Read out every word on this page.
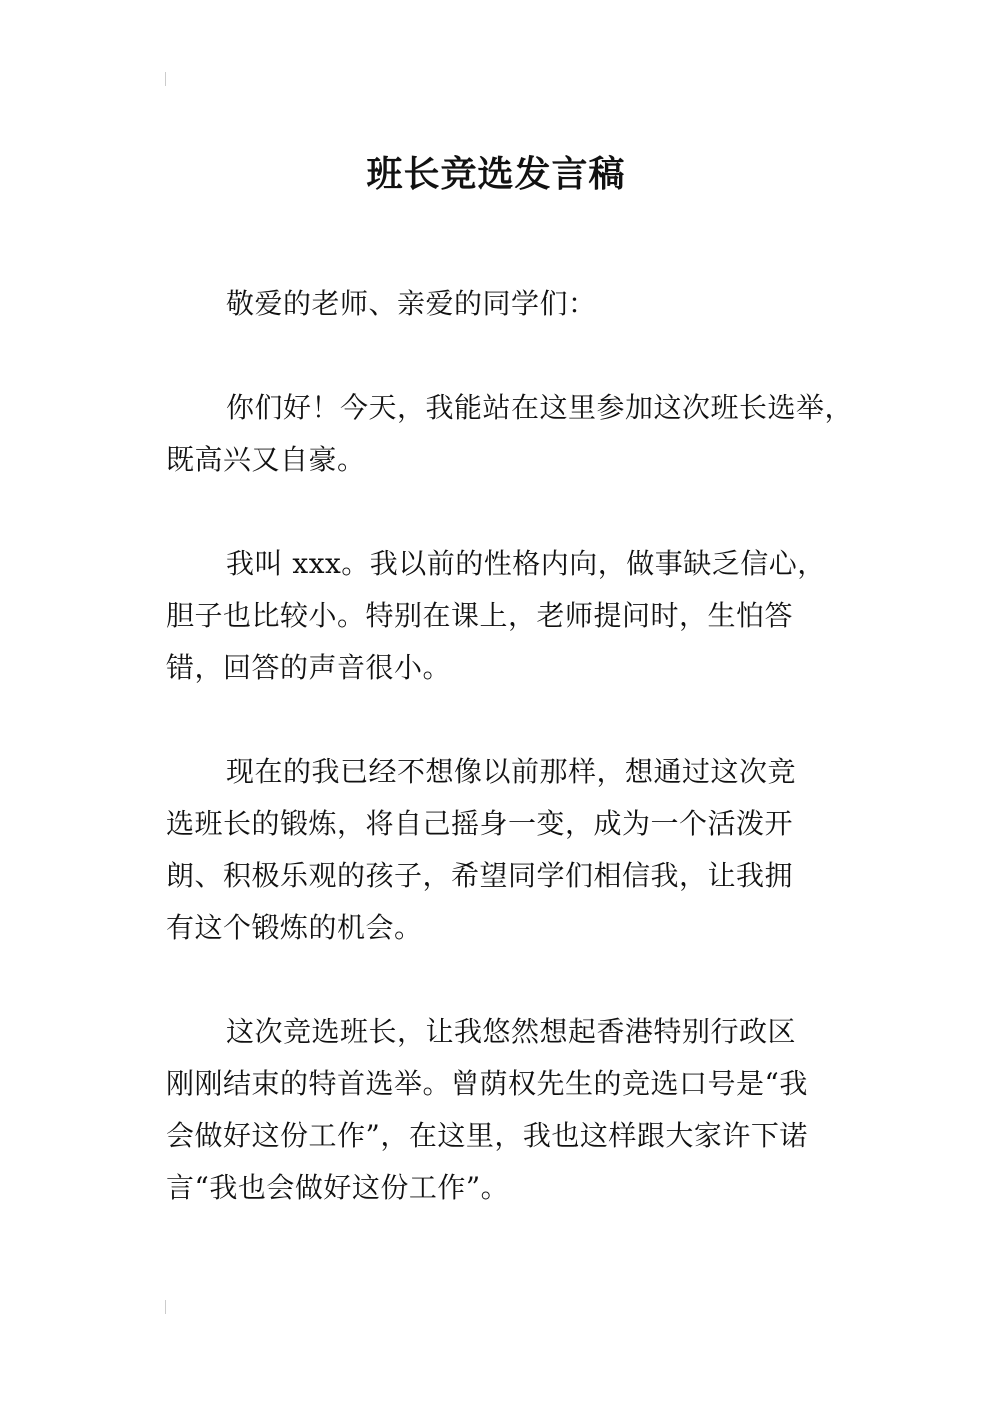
班长竞选发言稿
敬爱的老师、亲爱的同学们：
你们好！今天，我能站在这里参加这次班长选举，
既高兴又自豪。
我叫 xxx。我以前的性格内向，做事缺乏信心，
胆子也比较小。特别在课上，老师提问时，生怕答
错，回答的声音很小。
现在的我已经不想像以前那样，想通过这次竞
选班长的锻炼，将自己摇身一变，成为一个活泼开
朗、积极乐观的孩子，希望同学们相信我，让我拥
有这个锻炼的机会。
这次竞选班长，让我悠然想起香港特别行政区
刚刚结束的特首选举。曾荫权先生的竞选口号是“我
会做好这份工作”，在这里，我也这样跟大家许下诺
言“我也会做好这份工作”。
